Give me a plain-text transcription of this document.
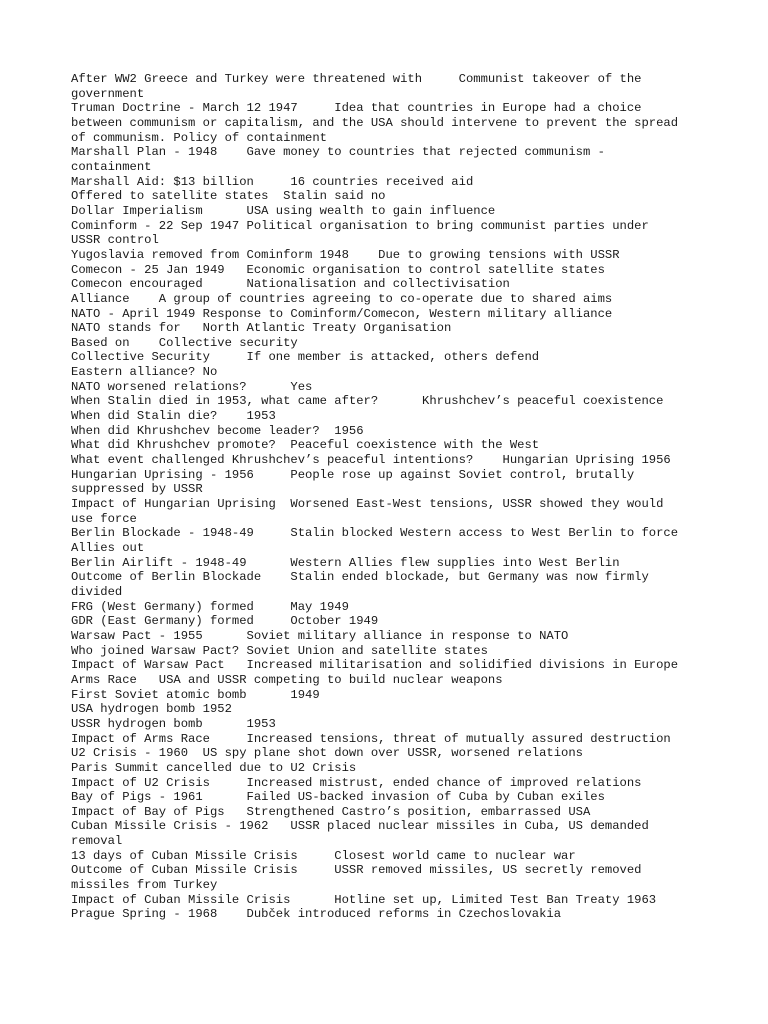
After WW2 Greece and Turkey were threatened with     Communist takeover of the
government
Truman Doctrine - March 12 1947     Idea that countries in Europe had a choice
between communism or capitalism, and the USA should intervene to prevent the spread
of communism. Policy of containment
Marshall Plan - 1948    Gave money to countries that rejected communism -
containment
Marshall Aid: $13 billion     16 countries received aid
Offered to satellite states  Stalin said no
Dollar Imperialism      USA using wealth to gain influence
Cominform - 22 Sep 1947 Political organisation to bring communist parties under
USSR control
Yugoslavia removed from Cominform 1948    Due to growing tensions with USSR
Comecon - 25 Jan 1949   Economic organisation to control satellite states
Comecon encouraged      Nationalisation and collectivisation
Alliance    A group of countries agreeing to co-operate due to shared aims
NATO - April 1949 Response to Cominform/Comecon, Western military alliance
NATO stands for   North Atlantic Treaty Organisation
Based on    Collective security
Collective Security     If one member is attacked, others defend
Eastern alliance? No
NATO worsened relations?      Yes
When Stalin died in 1953, what came after?      Khrushchev’s peaceful coexistence
When did Stalin die?    1953
When did Khrushchev become leader?  1956
What did Khrushchev promote?  Peaceful coexistence with the West
What event challenged Khrushchev’s peaceful intentions?    Hungarian Uprising 1956
Hungarian Uprising - 1956     People rose up against Soviet control, brutally
suppressed by USSR
Impact of Hungarian Uprising  Worsened East-West tensions, USSR showed they would
use force
Berlin Blockade - 1948-49     Stalin blocked Western access to West Berlin to force
Allies out
Berlin Airlift - 1948-49      Western Allies flew supplies into West Berlin
Outcome of Berlin Blockade    Stalin ended blockade, but Germany was now firmly
divided
FRG (West Germany) formed     May 1949
GDR (East Germany) formed     October 1949
Warsaw Pact - 1955      Soviet military alliance in response to NATO
Who joined Warsaw Pact? Soviet Union and satellite states
Impact of Warsaw Pact   Increased militarisation and solidified divisions in Europe
Arms Race   USA and USSR competing to build nuclear weapons
First Soviet atomic bomb      1949
USA hydrogen bomb 1952
USSR hydrogen bomb      1953
Impact of Arms Race     Increased tensions, threat of mutually assured destruction
U2 Crisis - 1960  US spy plane shot down over USSR, worsened relations
Paris Summit cancelled due to U2 Crisis
Impact of U2 Crisis     Increased mistrust, ended chance of improved relations
Bay of Pigs - 1961      Failed US-backed invasion of Cuba by Cuban exiles
Impact of Bay of Pigs   Strengthened Castro’s position, embarrassed USA
Cuban Missile Crisis - 1962   USSR placed nuclear missiles in Cuba, US demanded
removal
13 days of Cuban Missile Crisis     Closest world came to nuclear war
Outcome of Cuban Missile Crisis     USSR removed missiles, US secretly removed
missiles from Turkey
Impact of Cuban Missile Crisis      Hotline set up, Limited Test Ban Treaty 1963
Prague Spring - 1968    Dubček introduced reforms in Czechoslovakia
